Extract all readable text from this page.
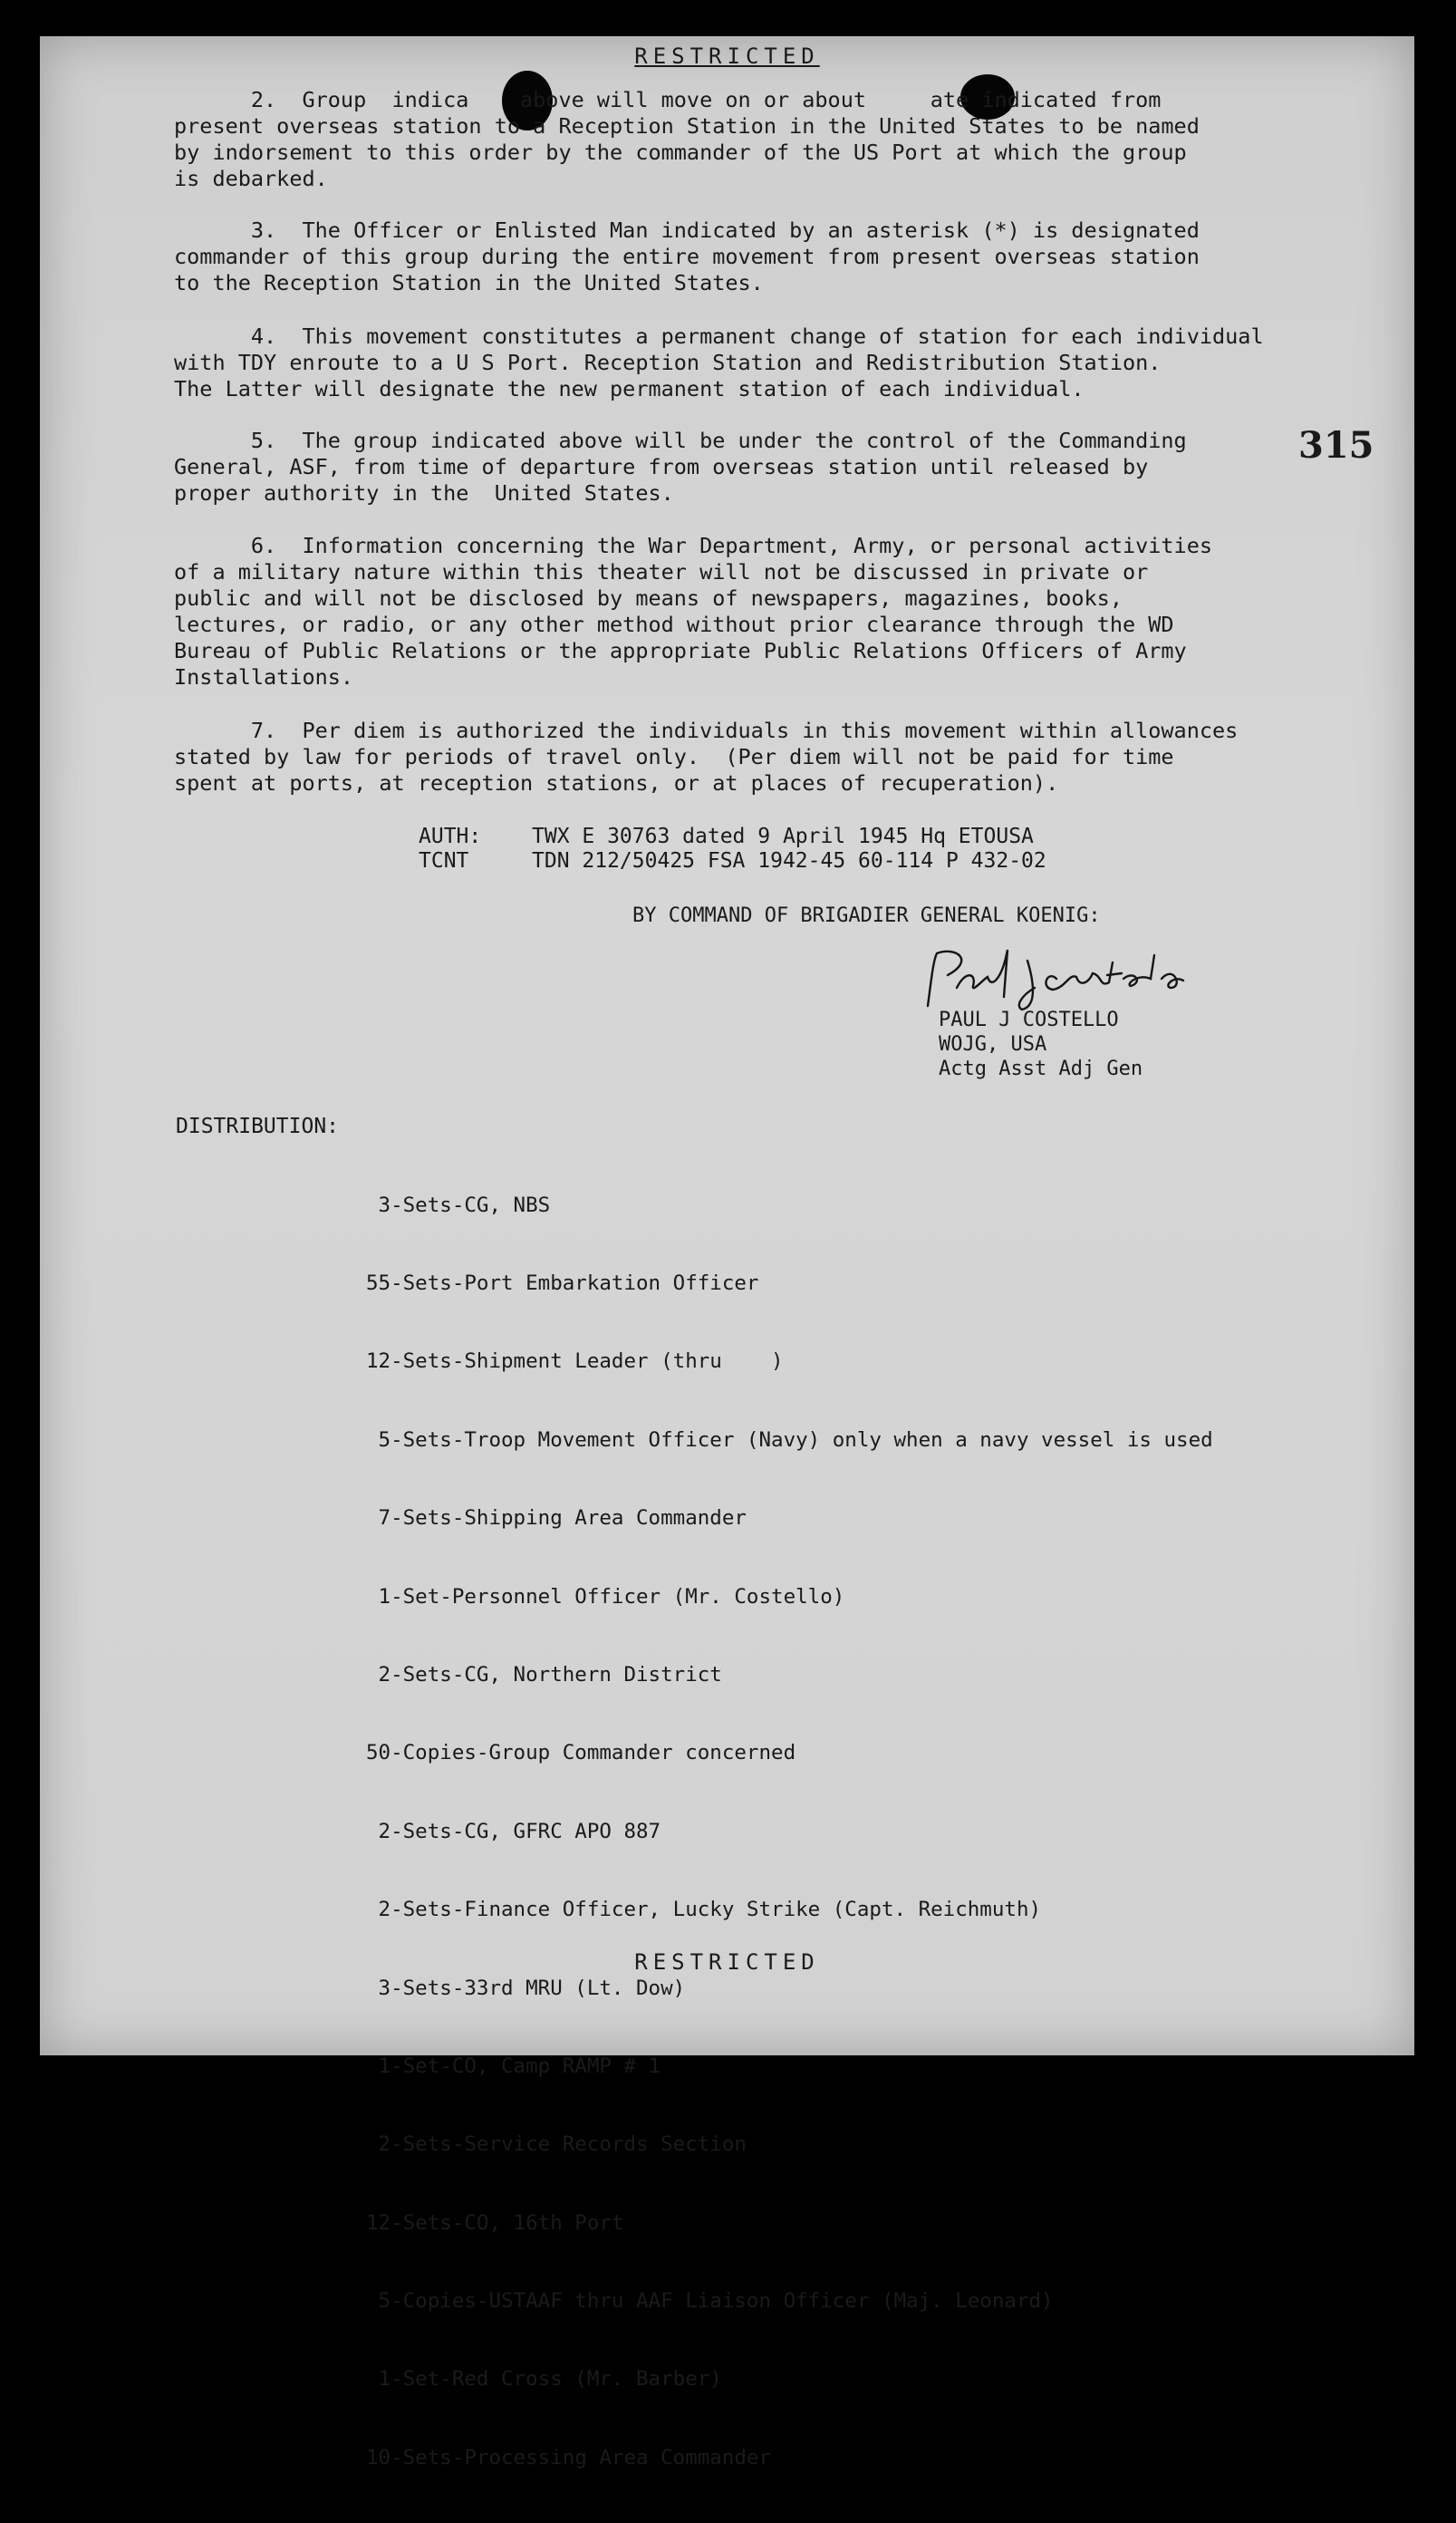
RESTRICTED
2.  Group  indica    above will move on or about     ate indicated from
present overseas station to a Reception Station in the United States to be named
by indorsement to this order by the commander of the US Port at which the group
is debarked.
3.  The Officer or Enlisted Man indicated by an asterisk (*) is designated
commander of this group during the entire movement from present overseas station
to the Reception Station in the United States.
4.  This movement constitutes a permanent change of station for each individual
with TDY enroute to a U S Port. Reception Station and Redistribution Station.
The Latter will designate the new permanent station of each individual.
5.  The group indicated above will be under the control of the Commanding
General, ASF, from time of departure from overseas station until released by
proper authority in the  United States.
315
6.  Information concerning the War Department, Army, or personal activities
of a military nature within this theater will not be discussed in private or
public and will not be disclosed by means of newspapers, magazines, books,
lectures, or radio, or any other method without prior clearance through the WD
Bureau of Public Relations or the appropriate Public Relations Officers of Army
Installations.
7.  Per diem is authorized the individuals in this movement within allowances
stated by law for periods of travel only.  (Per diem will not be paid for time
spent at ports, at reception stations, or at places of recuperation).
AUTH:	TWX E 30763 dated 9 April 1945 Hq ETOUSA
TCNT	TDN 212/50425 FSA 1942-45 60-114 P 432-02
BY COMMAND OF BRIGADIER GENERAL KOENIG:
PAUL J COSTELLO
WOJG, USA
Actg Asst Adj Gen
DISTRIBUTION:

3-Sets-CG, NBS

55-Sets-Port Embarkation Officer

12-Sets-Shipment Leader (thru    )

5-Sets-Troop Movement Officer (Navy) only when a navy vessel is used

7-Sets-Shipping Area Commander

1-Set-Personnel Officer (Mr. Costello)

2-Sets-CG, Northern District

50-Copies-Group Commander concerned

2-Sets-CG, GFRC APO 887

2-Sets-Finance Officer, Lucky Strike (Capt. Reichmuth)

3-Sets-33rd MRU (Lt. Dow)

1-Set-CO, Camp RAMP # 1

2-Sets-Service Records Section

12-Sets-CO, 16th Port

5-Copies-USTAAF thru AAF Liaison Officer (Maj. Leonard)

1-Set-Red Cross (Mr. Barber)

10-Sets-Processing Area Commander

RESTRICTED
